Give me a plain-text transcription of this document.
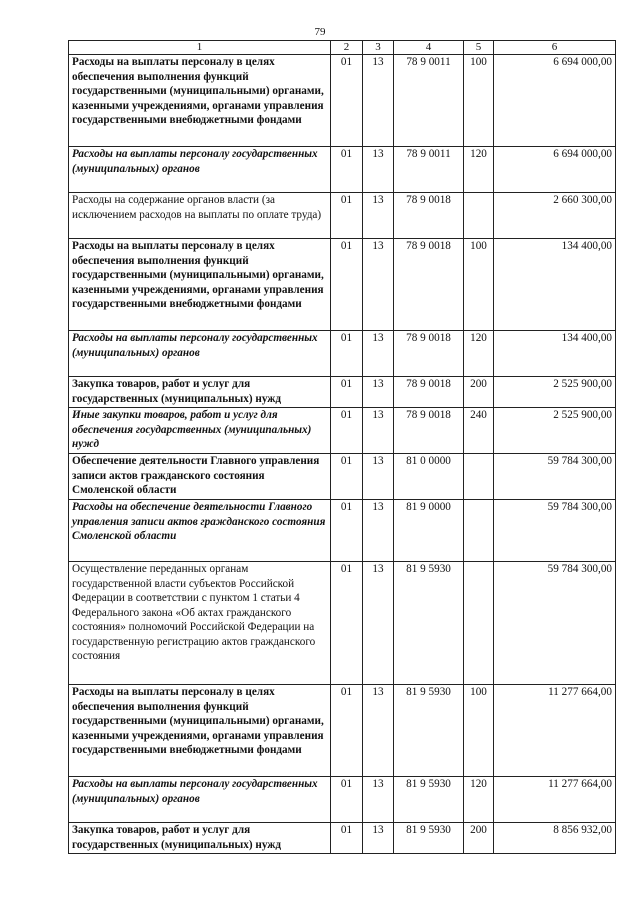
79
1	2	3	4	5	6
Расходы на выплаты персоналу в целях обеспечения выполнения функций государственными (муниципальными) органами, казенными учреждениями, органами управления государственными внебюджетными фондами	01	13	78 9 0011	100	6 694 000,00
Расходы на выплаты персоналу государственных (муниципальных) органов	01	13	78 9 0011	120	6 694 000,00
Расходы на содержание органов власти (за исключением расходов на выплаты по оплате труда)	01	13	78 9 0018		2 660 300,00
Расходы на выплаты персоналу в целях обеспечения выполнения функций государственными (муниципальными) органами, казенными учреждениями, органами управления государственными внебюджетными фондами	01	13	78 9 0018	100	134 400,00
Расходы на выплаты персоналу государственных (муниципальных) органов	01	13	78 9 0018	120	134 400,00
Закупка товаров, работ и услуг для государственных (муниципальных) нужд	01	13	78 9 0018	200	2 525 900,00
Иные закупки товаров, работ и услуг для обеспечения государственных (муниципальных) нужд	01	13	78 9 0018	240	2 525 900,00
Обеспечение деятельности Главного управления записи актов гражданского состояния Смоленской области	01	13	81 0 0000		59 784 300,00
Расходы на обеспечение деятельности Главного управления записи актов гражданского состояния Смоленской области	01	13	81 9 0000		59 784 300,00
Осуществление переданных органам государственной власти субъектов Российской Федерации в соответствии с пунктом 1 статьи 4 Федерального закона «Об актах гражданского состояния» полномочий Российской Федерации на государственную регистрацию актов гражданского состояния	01	13	81 9 5930		59 784 300,00
Расходы на выплаты персоналу в целях обеспечения выполнения функций государственными (муниципальными) органами, казенными учреждениями, органами управления государственными внебюджетными фондами	01	13	81 9 5930	100	11 277 664,00
Расходы на выплаты персоналу государственных (муниципальных) органов	01	13	81 9 5930	120	11 277 664,00
Закупка товаров, работ и услуг для государственных (муниципальных) нужд	01	13	81 9 5930	200	8 856 932,00
